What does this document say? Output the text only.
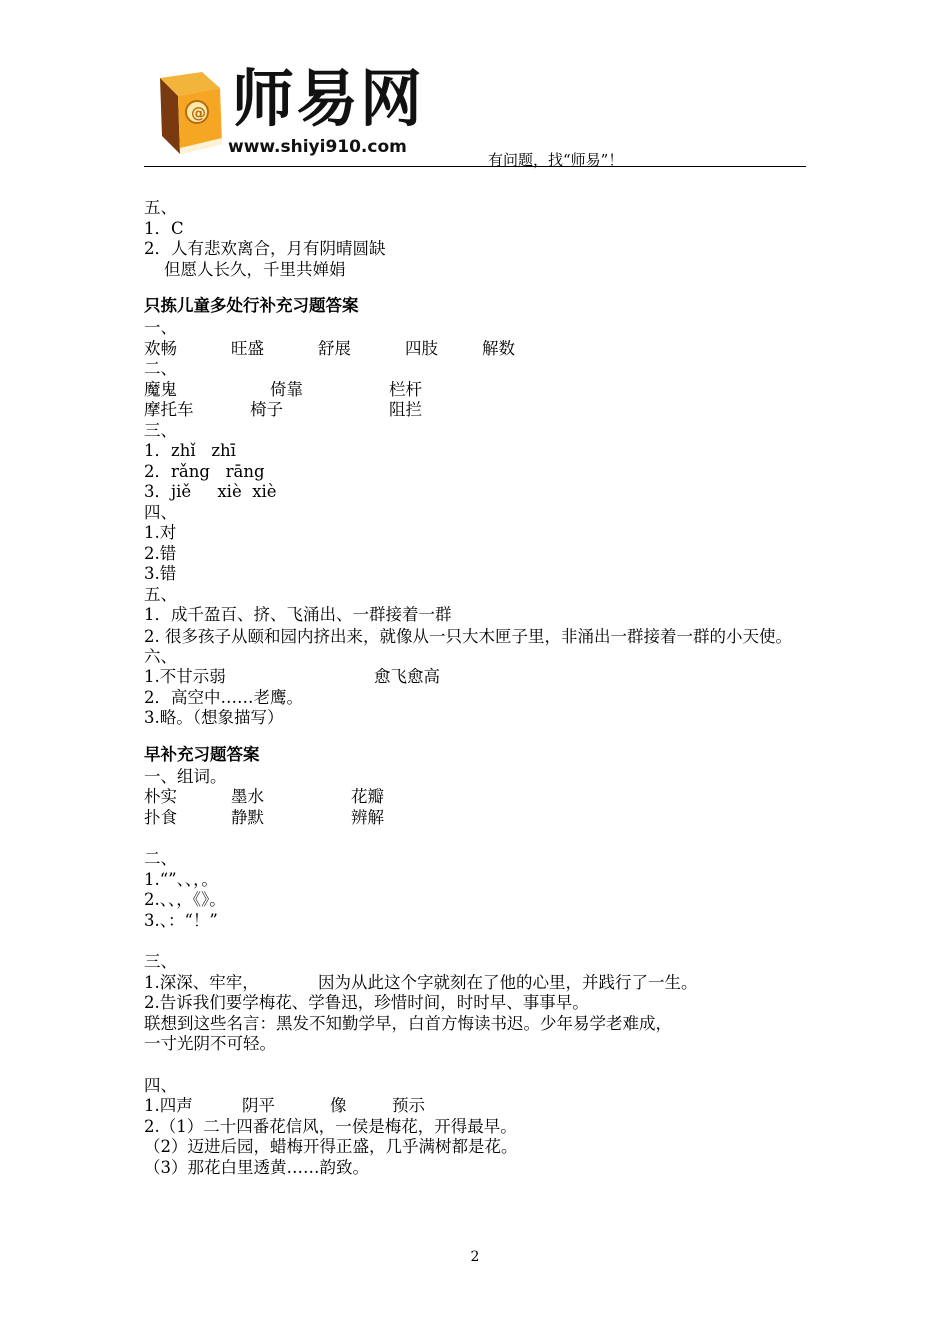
@ 师易网
www.shiyi910.com
有问题，找“师易”！
五、
1．C
2．人有悲欢离合，月有阴晴圆缺
但愿人长久，千里共婵娟
只拣儿童多处行补充习题答案
一、
欢畅	旺盛	舒展	四肢	解数
二、
魔鬼	倚靠	栏杆
摩托车	椅子	阻拦
三、
1．zhǐ   zhī
2．rǎng   rāng
3．jiě     xiè  xiè
四、
1.对
2.错
3.错
五、
1．成千盈百、挤、飞涌出、一群接着一群
2. 很多孩子从颐和园内挤出来，就像从一只大木匣子里，非涌出一群接着一群的小天使。
六、
1.不甘示弱	愈飞愈高
2．高空中……老鹰。
3.略。（想象描写）
早补充习题答案
一、组词。
朴实	墨水	花瓣
扑食	静默	辨解
二、
1.“”、、，。
2.、、，《》。
3.、：“！”
三、
1.深深、牢牢，	因为从此这个字就刻在了他的心里，并践行了一生。
2.告诉我们要学梅花、学鲁迅，珍惜时间，时时早、事事早。
联想到这些名言：黑发不知勤学早，白首方悔读书迟。少年易学老难成，
一寸光阴不可轻。
四、
1.四声	阴平	像	预示
2.（1）二十四番花信风，一侯是梅花，开得最早。
（2）迈进后园，蜡梅开得正盛，几乎满树都是花。
（3）那花白里透黄……韵致。
2
